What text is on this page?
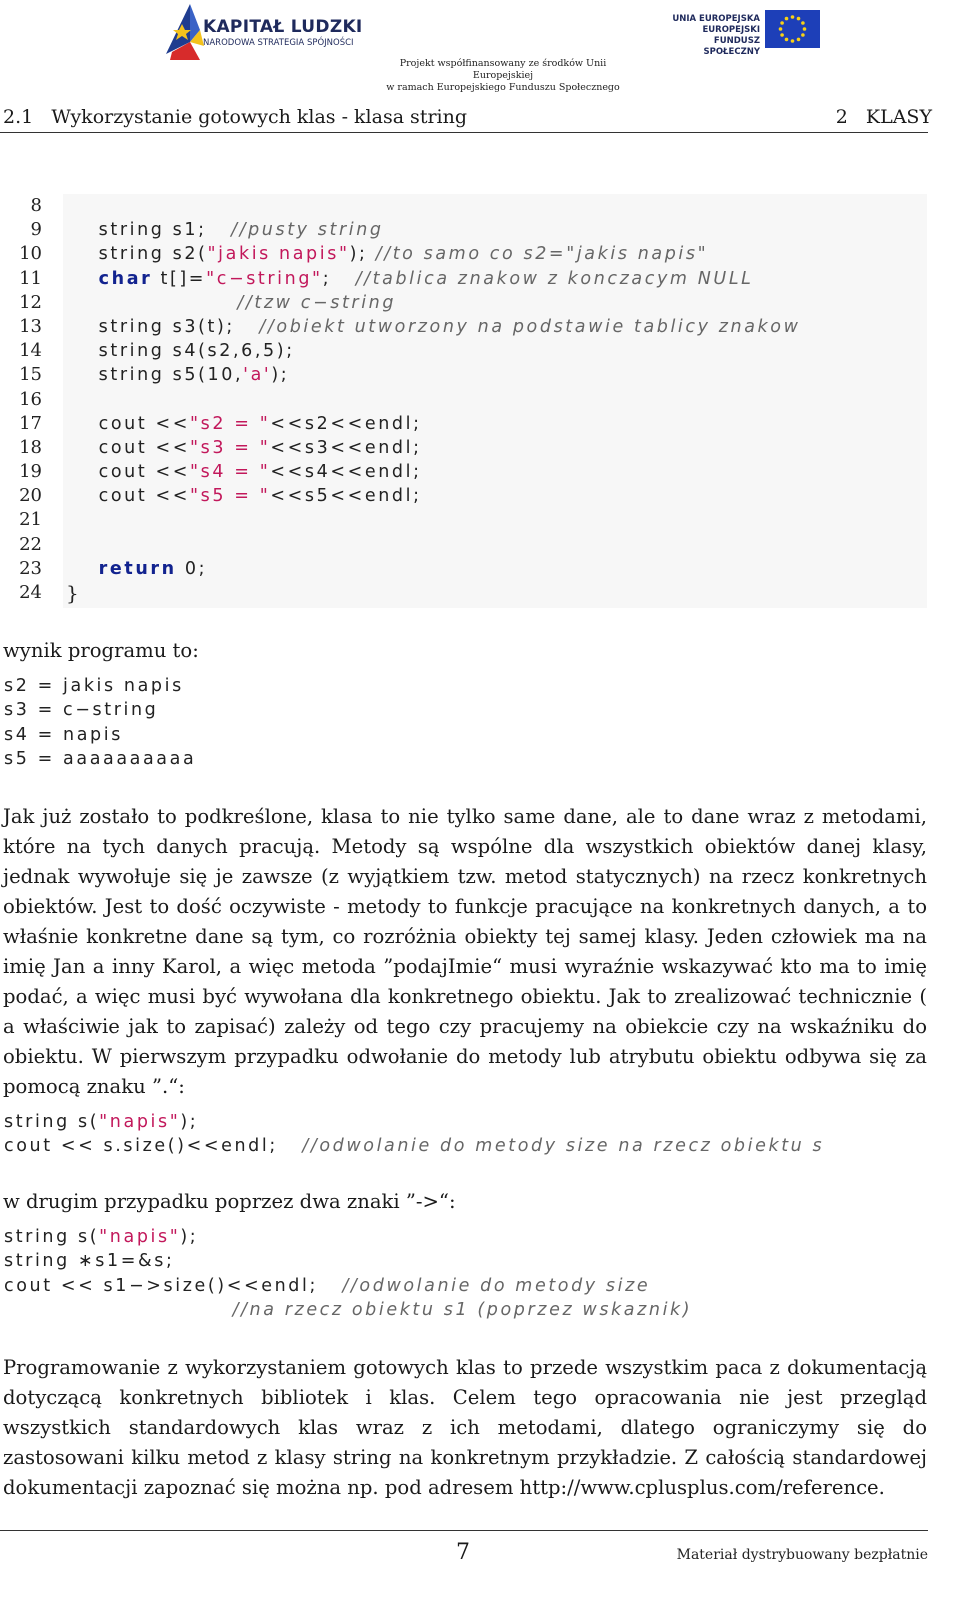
KAPITAŁ LUDZKI
NARODOWA STRATEGIA SPÓJNOŚCI
UNIA EUROPEJSKA
EUROPEJSKI
FUNDUSZ SPOŁECZNY
Projekt współfinansowany ze środków Unii Europejskiej
w ramach Europejskiego Funduszu Społecznego
2.1   Wykorzystanie gotowych klas - klasa string	2   KLASY
8
9
10
11
12
13
14
15
16
17
18
19
20
21
22
23
24

string s1;   //pusty string
string s2("jakis napis"); //to samo co s2="jakis napis"
char t[]="c−string";   //tablica znakow z konczacym NULL
//tzw c−string
string s3(t);   //obiekt utworzony na podstawie tablicy znakow
string s4(s2,6,5);
string s5(10,'a');

cout <<"s2 = "<<s2<<endl;
cout <<"s3 = "<<s3<<endl;
cout <<"s4 = "<<s4<<endl;
cout <<"s5 = "<<s5<<endl;

return 0;
}
wynik programu to:
s2 = jakis napis
s3 = c−string
s4 = napis
s5 = aaaaaaaaaa
Jak już zostało to podkreślone, klasa to nie tylko same dane, ale to dane wraz z metodami, które na tych danych pracują. Metody są wspólne dla wszystkich obiektów danej klasy, jednak wywołuje się je zawsze (z wyjątkiem tzw. metod statycznych) na rzecz konkretnych obiektów. Jest to dość oczywiste - metody to funkcje pracujące na konkretnych danych, a to właśnie konkretne dane są tym, co rozróżnia obiekty tej samej klasy. Jeden człowiek ma na imię Jan a inny Karol, a więc metoda ”podajImie“ musi wyraźnie wskazywać kto ma to imię podać, a więc musi być wywołana dla konkretnego obiektu. Jak to zrealizować technicznie ( a właściwie jak to zapisać) zależy od tego czy pracujemy na obiekcie czy na wskaźniku do obiektu. W pierwszym przypadku odwołanie do metody lub atrybutu obiektu odbywa się za pomocą znaku ”.“:
string s("napis");
cout << s.size()<<endl;   //odwolanie do metody size na rzecz obiektu s
w drugim przypadku poprzez dwa znaki ”->“:
string s("napis");
string ∗s1=&s;
cout << s1−>size()<<endl;   //odwolanie do metody size
//na rzecz obiektu s1 (poprzez wskaznik)
Programowanie z wykorzystaniem gotowych klas to przede wszystkim paca z dokumentacją dotyczącą konkretnych bibliotek i klas. Celem tego opracowania nie jest przegląd wszystkich standardowych klas wraz z ich metodami, dlatego ograniczymy się do zastosowani kilku metod z klasy string na konkretnym przykładzie. Z całością standardowej dokumentacji zapoznać się można np. pod adresem http://www.cplusplus.com/reference.
7	Materiał dystrybuowany bezpłatnie
